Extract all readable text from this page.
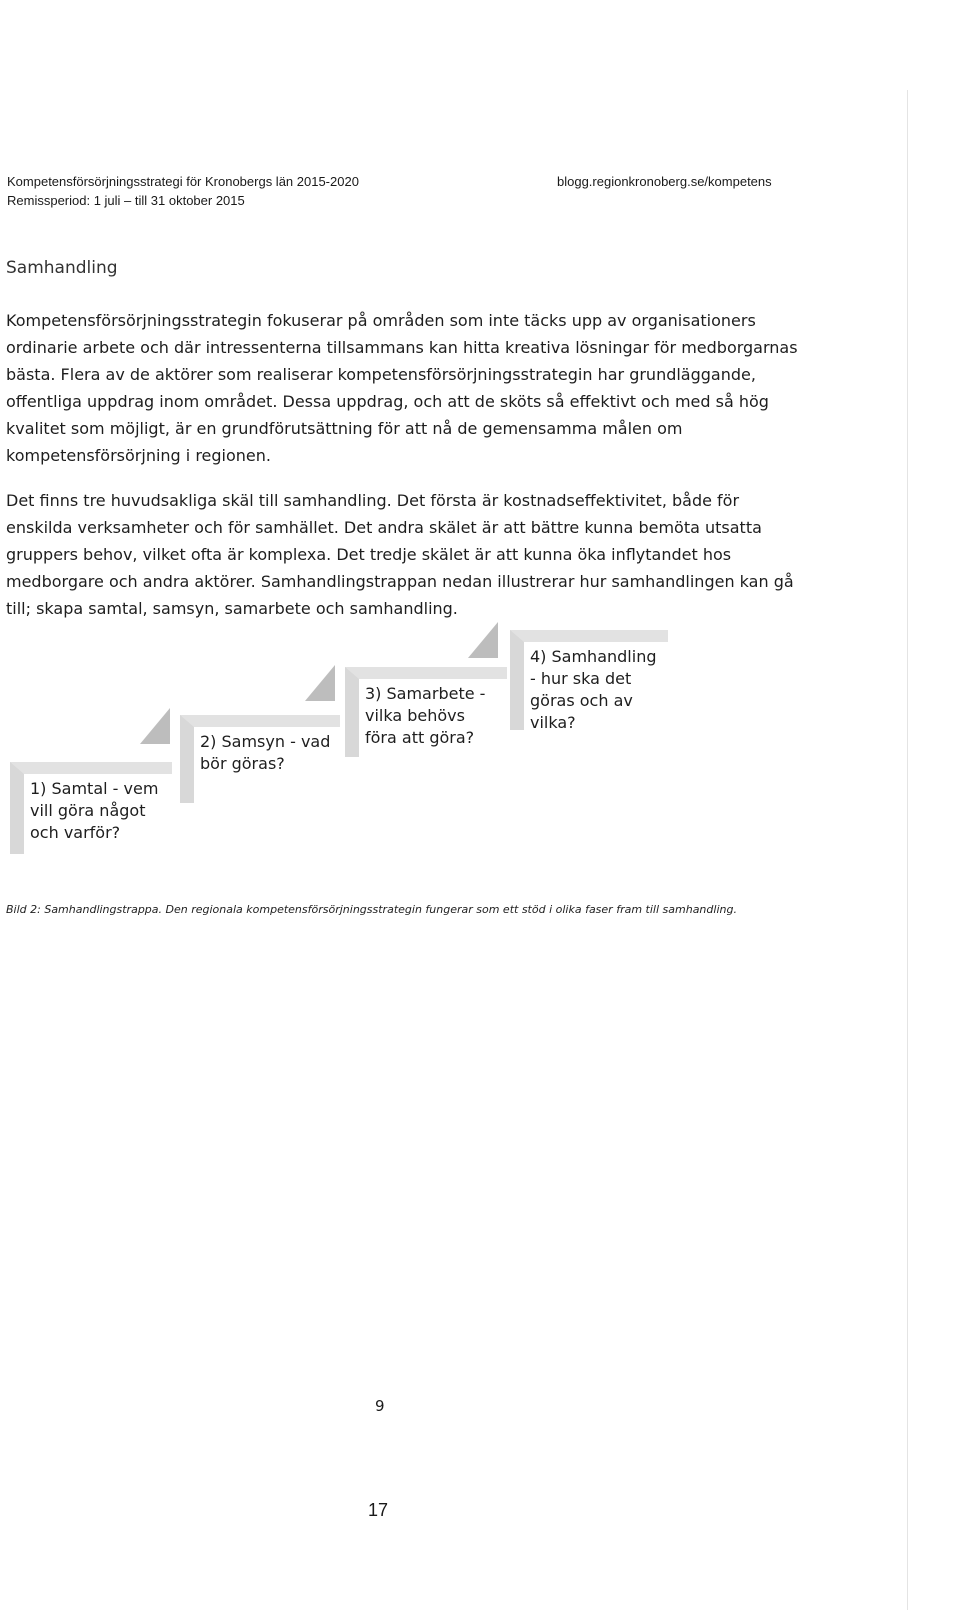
Kompetensförsörjningsstrategi för Kronobergs län 2015-2020
Remissperiod: 1 juli – till 31 oktober 2015
blogg.regionkronoberg.se/kompetens
Samhandling
Kompetensförsörjningsstrategin fokuserar på områden som inte täcks upp av organisationers ordinarie arbete och där intressenterna tillsammans kan hitta kreativa lösningar för medborgarnas bästa. Flera av de aktörer som realiserar kompetensförsörjningsstrategin har grundläggande, offentliga uppdrag inom området. Dessa uppdrag, och att de sköts så effektivt och med så hög kvalitet som möjligt, är en grundförutsättning för att nå de gemensamma målen om kompetensförsörjning i regionen.
Det finns tre huvudsakliga skäl till samhandling. Det första är kostnadseffektivitet, både för enskilda verksamheter och för samhället. Det andra skälet är att bättre kunna bemöta utsatta gruppers behov, vilket ofta är komplexa. Det tredje skälet är att kunna öka inflytandet hos medborgare och andra aktörer. Samhandlingstrappan nedan illustrerar hur samhandlingen kan gå till; skapa samtal, samsyn, samarbete och samhandling.
1) Samtal - vem vill göra något och varför?
2) Samsyn - vad bör göras?
3) Samarbete - vilka behövs föra att göra?
4) Samhandling - hur ska det göras och av vilka?
Bild 2: Samhandlingstrappa. Den regionala kompetensförsörjningsstrategin fungerar som ett stöd i olika faser fram till samhandling.
9
17
